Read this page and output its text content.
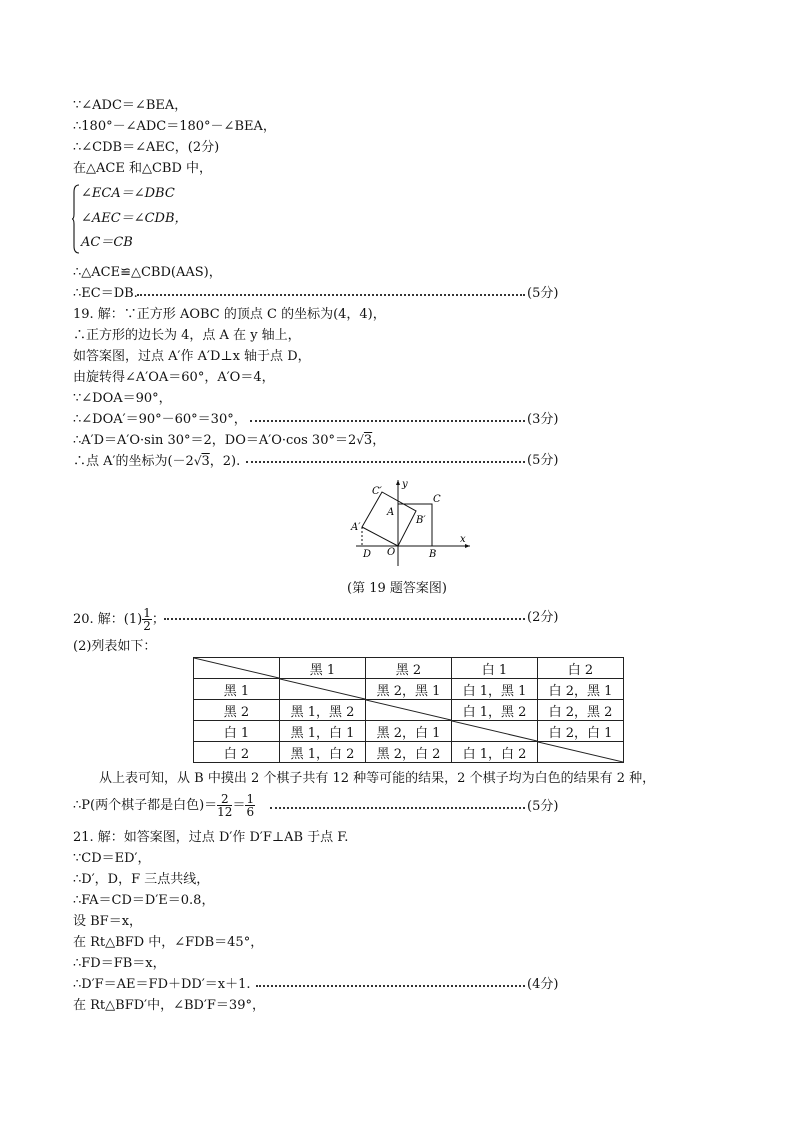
∵∠ADC＝∠BEA，
∴180°－∠ADC＝180°－∠BEA，
∴∠CDB＝∠AEC，(2分)
在△ACE 和△CBD 中，
∠ECA＝∠DBC
∠AEC＝∠CDB，
AC＝CB
∴△ACE≌△CBD(AAS)，
∴EC＝DB.	(5分)
19. 解：∵正方形 AOBC 的顶点 C 的坐标为(4，4)，
∴正方形的边长为 4，点 A 在 y 轴上，
如答案图，过点 A′作 A′D⊥x 轴于点 D，
由旋转得∠A′OA＝60°，A′O＝4，
∵∠DOA＝90°，
∴∠DOA′＝90°－60°＝30°，	(3分)
∴A′D＝A′O·sin 30°＝2，DO＝A′O·cos 30°＝2√3，
∴点 A′的坐标为(－2√3，2).	(5分)
C′
y
C
A
B′
A′
D O	B
x
(第 19 题答案图)
20. 解：$(1) \frac{1}{2}$ ；	(2分)
(2)列表如下：
	黑 1	黑 2	白 1	白 2
黑 1		黑 2，黑 1	白 1，黑 1	白 2，黑 1
黑 2	黑 1，黑 2		白 1，黑 2	白 2，黑 2
白 1	黑 1，白 1	黑 2，白 1		白 2，白 1
白 2	黑 1，白 2	黑 2，白 2	白 1，白 2	
从上表可知，从 B 中摸出 2 个棋子共有 12 种等可能的结果，2 个棋子均为白色的结果有 2 种，
∴P(两个棋子都是白色)＝ $\frac{2}{12} = \frac{1}{6}$	(5分)
21. 解：如答案图，过点 D′作 D′F⊥AB 于点 F.
∵CD＝ED′，
∴D′，D，F 三点共线，
∴FA＝CD＝D′E＝0.8，
设 BF＝x，
在 Rt△BFD 中，∠FDB＝45°，
∴FD＝FB＝x，
∴D′F＝AE＝FD＋DD′＝x＋1.	(4分)
在 Rt△BFD′中，∠BD′F＝39°，
